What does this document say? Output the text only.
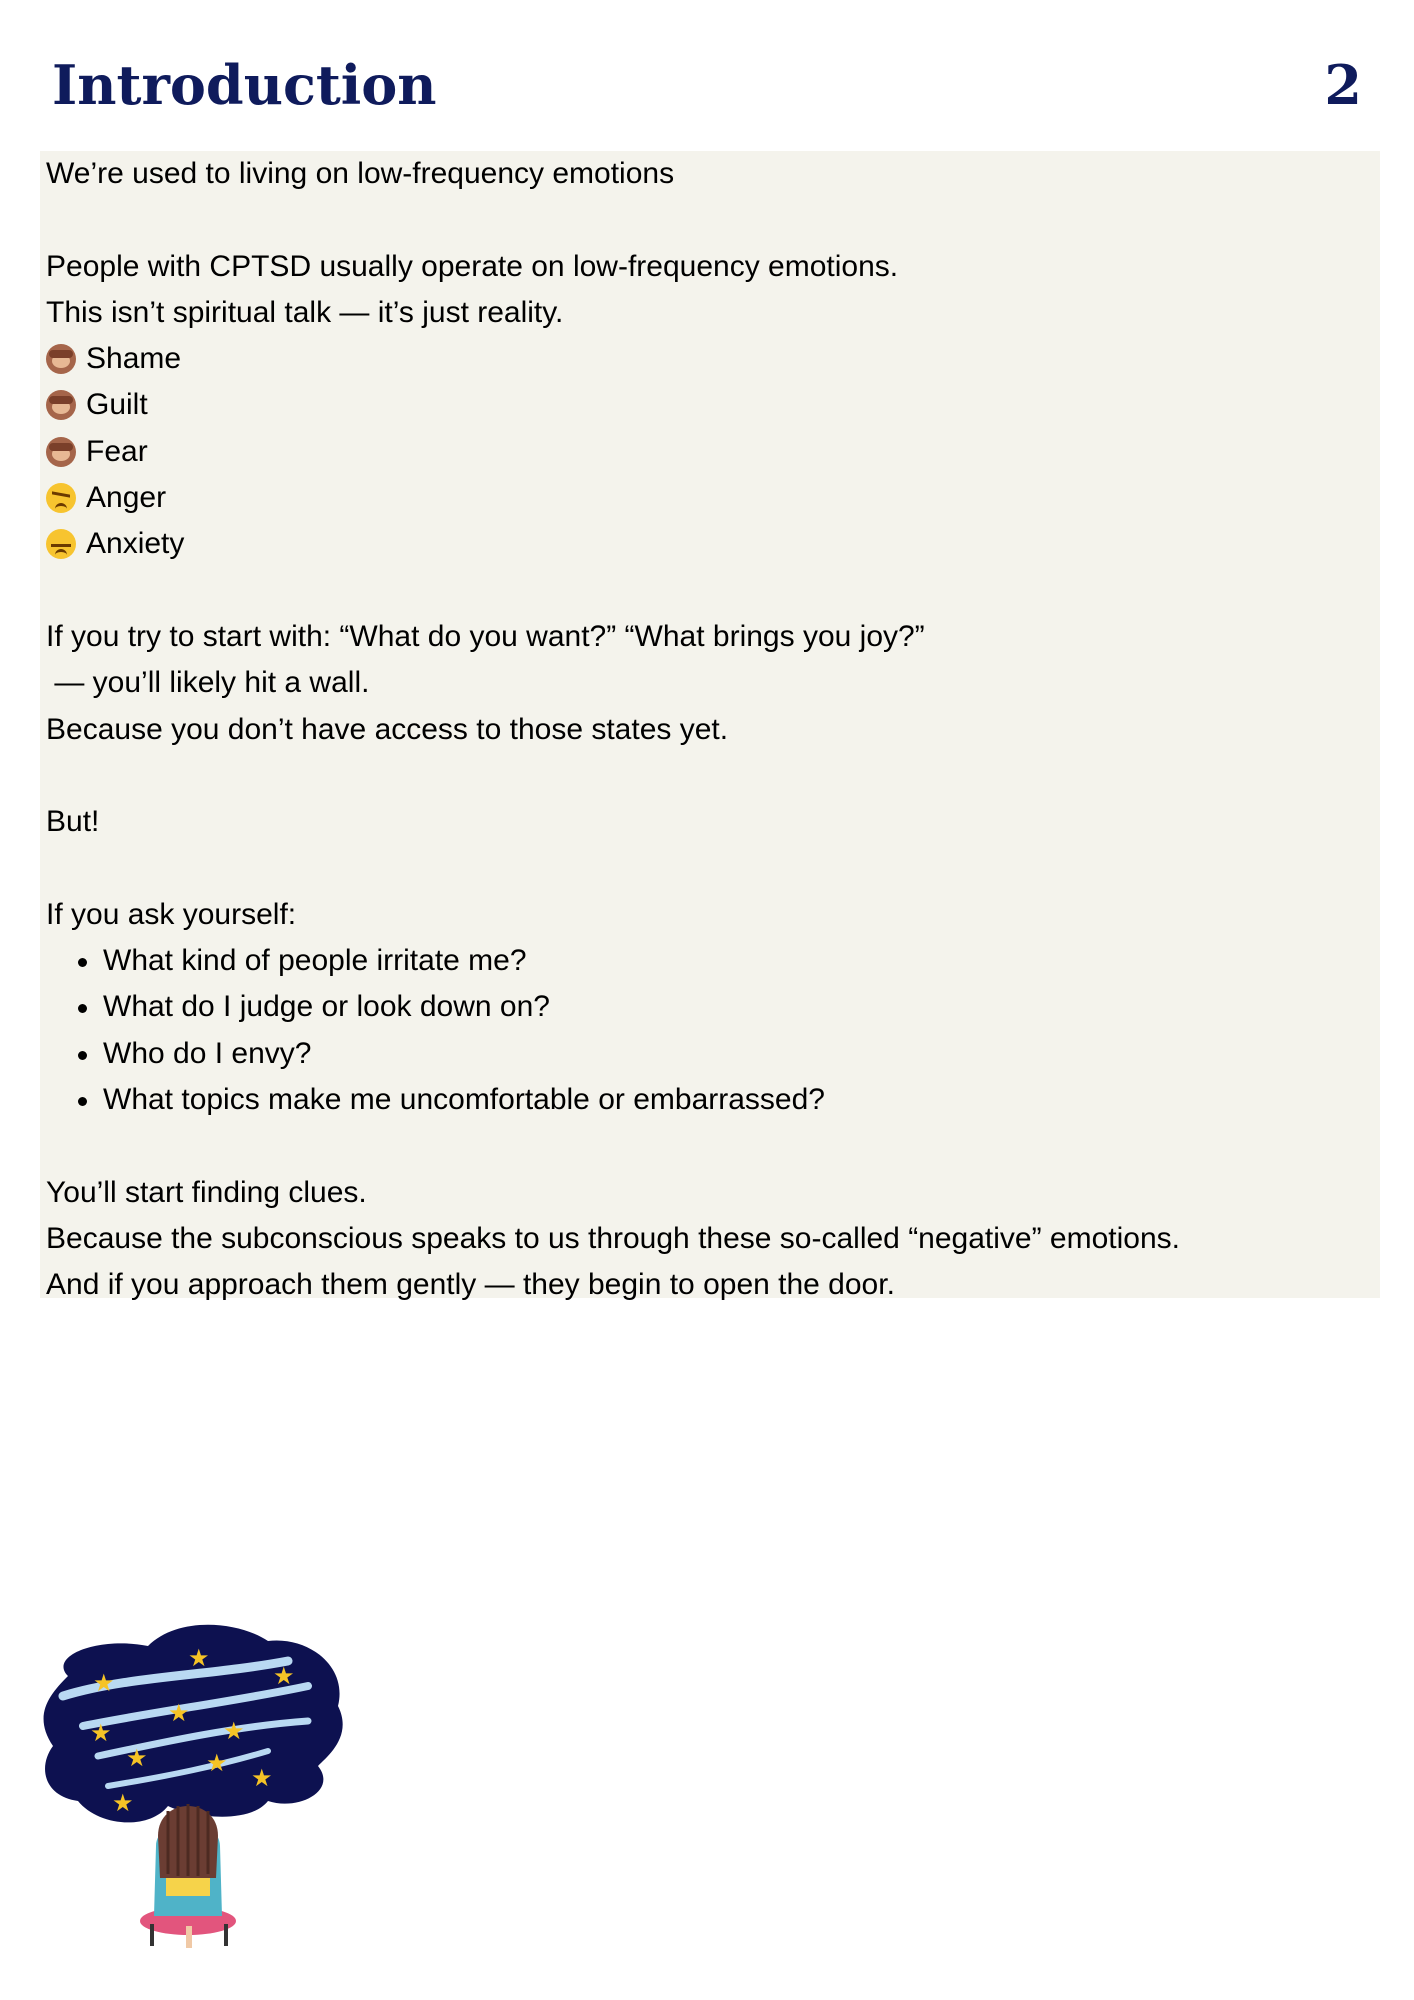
Introduction	2
We’re used to living on low-frequency emotions
People with CPTSD usually operate on low-frequency emotions.
This isn’t spiritual talk — it’s just reality.
Shame
Guilt
Fear
Anger
Anxiety
If you try to start with: “What do you want?” “What brings you joy?”
— you’ll likely hit a wall.
Because you don’t have access to those states yet.
But!
If you ask yourself:
What kind of people irritate me?
What do I judge or look down on?
Who do I envy?
What topics make me uncomfortable or embarrassed?
You’ll start finding clues.
Because the subconscious speaks to us through these so-called “negative” emotions.
And if you approach them gently — they begin to open the door.
★
★
★
★
★	★
★ ★
★
★
